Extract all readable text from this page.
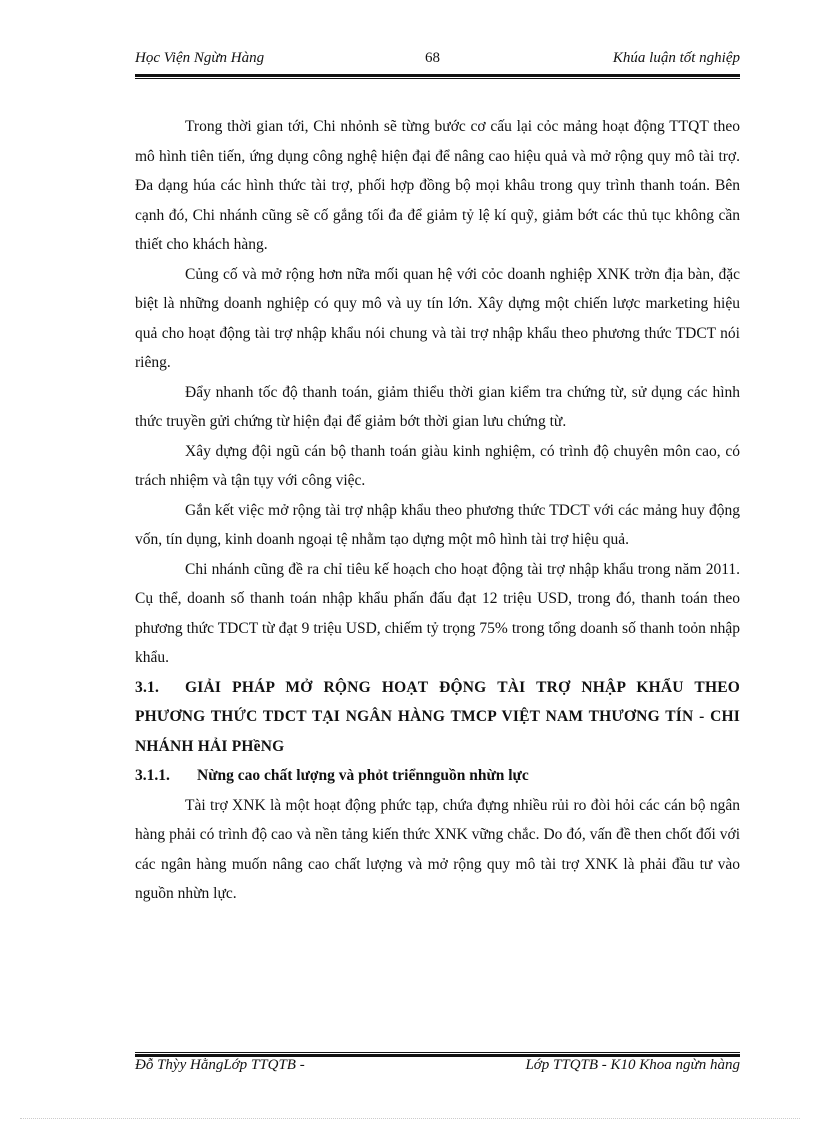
Học Viện Ngừn Hàng	68	Khúa luận tốt nghiệp

Trong thời gian tới, Chi nhỏnh sẽ từng bước cơ cấu lại cỏc mảng hoạt động TTQT theo mô hình tiên tiến, ứng dụng công nghệ hiện đại để nâng cao hiệu quả và mở rộng quy mô tài trợ. Đa dạng húa các hình thức tài trợ, phối hợp đồng bộ mọi khâu trong quy trình thanh toán. Bên cạnh đó, Chi nhánh cũng sẽ cố gắng tối đa để giảm tỷ lệ kí quỹ, giảm bớt các thủ tục không cần thiết cho khách hàng.

Củng cố và mở rộng hơn nữa mối quan hệ với cỏc doanh nghiệp XNK trờn địa bàn, đặc biệt là những doanh nghiệp có quy mô và uy tín lớn. Xây dựng một chiến lược marketing hiệu quả cho hoạt động tài trợ nhập khẩu nói chung và tài trợ nhập khẩu theo phương thức TDCT nói riêng.

Đẩy nhanh tốc độ thanh toán, giảm thiểu thời gian kiểm tra chứng từ, sử dụng các hình thức truyền gửi chứng từ hiện đại để giảm bớt thời gian lưu chứng từ.

Xây dựng đội ngũ cán bộ thanh toán giàu kinh nghiệm, có trình độ chuyên môn cao, có trách nhiệm và tận tụy với công việc.

Gắn kết việc mở rộng tài trợ nhập khẩu theo phương thức TDCT với các mảng huy động vốn, tín dụng, kinh doanh ngoại tệ nhằm tạo dựng một mô hình tài trợ hiệu quả.

Chi nhánh cũng đề ra chỉ tiêu kế hoạch cho hoạt động tài trợ nhập khẩu trong năm 2011. Cụ thể, doanh số thanh toán nhập khẩu phấn đấu đạt 12 triệu USD, trong đó, thanh toán theo phương thức TDCT từ đạt 9 triệu USD, chiếm tỷ trọng 75% trong tổng doanh số thanh toỏn nhập khẩu.

3.1. GIẢI PHÁP MỞ RỘNG HOẠT ĐỘNG TÀI TRỢ NHẬP KHẨU THEO PHƯƠNG THỨC TDCT TẠI NGÂN HÀNG TMCP VIỆT NAM THƯƠNG TÍN - CHI NHÁNH HẢI PHềNG

3.1.1. Nừng cao chất lượng và phỏt triểnnguồn nhừn lực

Tài trợ XNK là một hoạt động phức tạp, chứa đựng nhiều rủi ro đòi hỏi các cán bộ ngân hàng phải có trình độ cao và nền tảng kiến thức XNK vững chắc. Do đó, vấn đề then chốt đối với các ngân hàng muốn nâng cao chất lượng và mở rộng quy mô tài trợ XNK là phải đầu tư vào nguồn nhừn lực.

Đỗ Thỳy HằngLớp TTQTB -	Lớp TTQTB - K10 Khoa ngừn hàng
